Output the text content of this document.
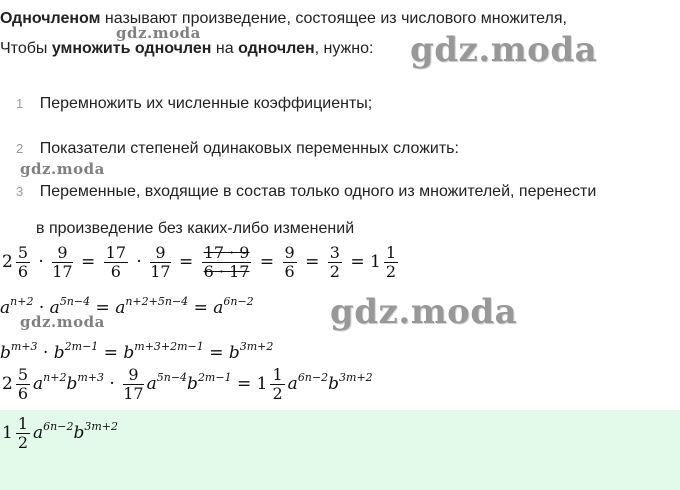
Одночленом называют произведение, состоящее из числового множителя,
Чтобы умножить одночлен на одночлен, нужно:
gdz.moda	gdz.moda
gdz.moda
gdz.moda
gdz.moda
1 Перемножить их численные коэффициенты;
2 Показатели степеней одинаковых переменных сложить:
3 Переменные, входящие в состав только одного из множителей, перенести
в произведение без каких-либо изменений
$2 \frac{5}{6} \cdot \frac{9}{17} = \frac{17}{6} \cdot \frac{9}{17} = \frac{17 \cdot 9}{6 \cdot 17} = \frac{9}{6} = \frac{3}{2} = 1 \frac{1}{2}$
$a^{n+2} \cdot a^{5n-4} = a^{n+2+5n-4} = a^{6n-2}$
$b^{m+3} \cdot b^{2m-1} = b^{m+3+2m-1} = b^{3m+2}$
$2 \frac{5}{6} a^{n+2}b^{m+3} \cdot \frac{9}{17} a^{5n-4}b^{2m-1} = 1 \frac{1}{2} a^{6n-2}b^{3m+2}$
$1 \frac{1}{2} a^{6n-2}b^{3m+2}$
